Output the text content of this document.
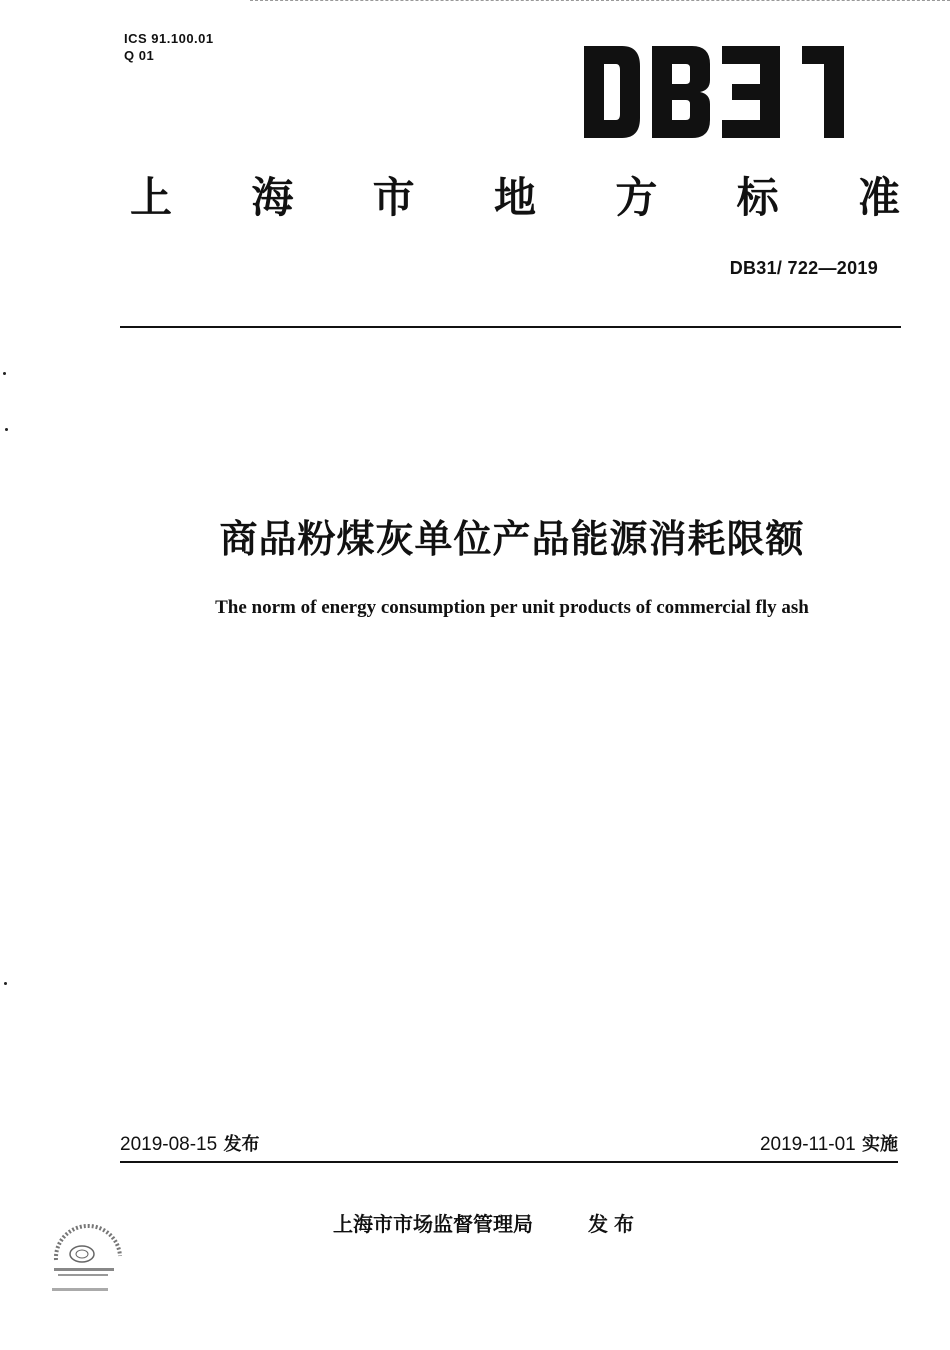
ICS 91.100.01
Q 01
上 海 市 地 方 标 准
DB31/ 722—2019
商品粉煤灰单位产品能源消耗限额
The norm of energy consumption per unit products of commercial fly ash
2019-08-15 发布	2019-11-01 实施
上海市市场监督管理局	发布
